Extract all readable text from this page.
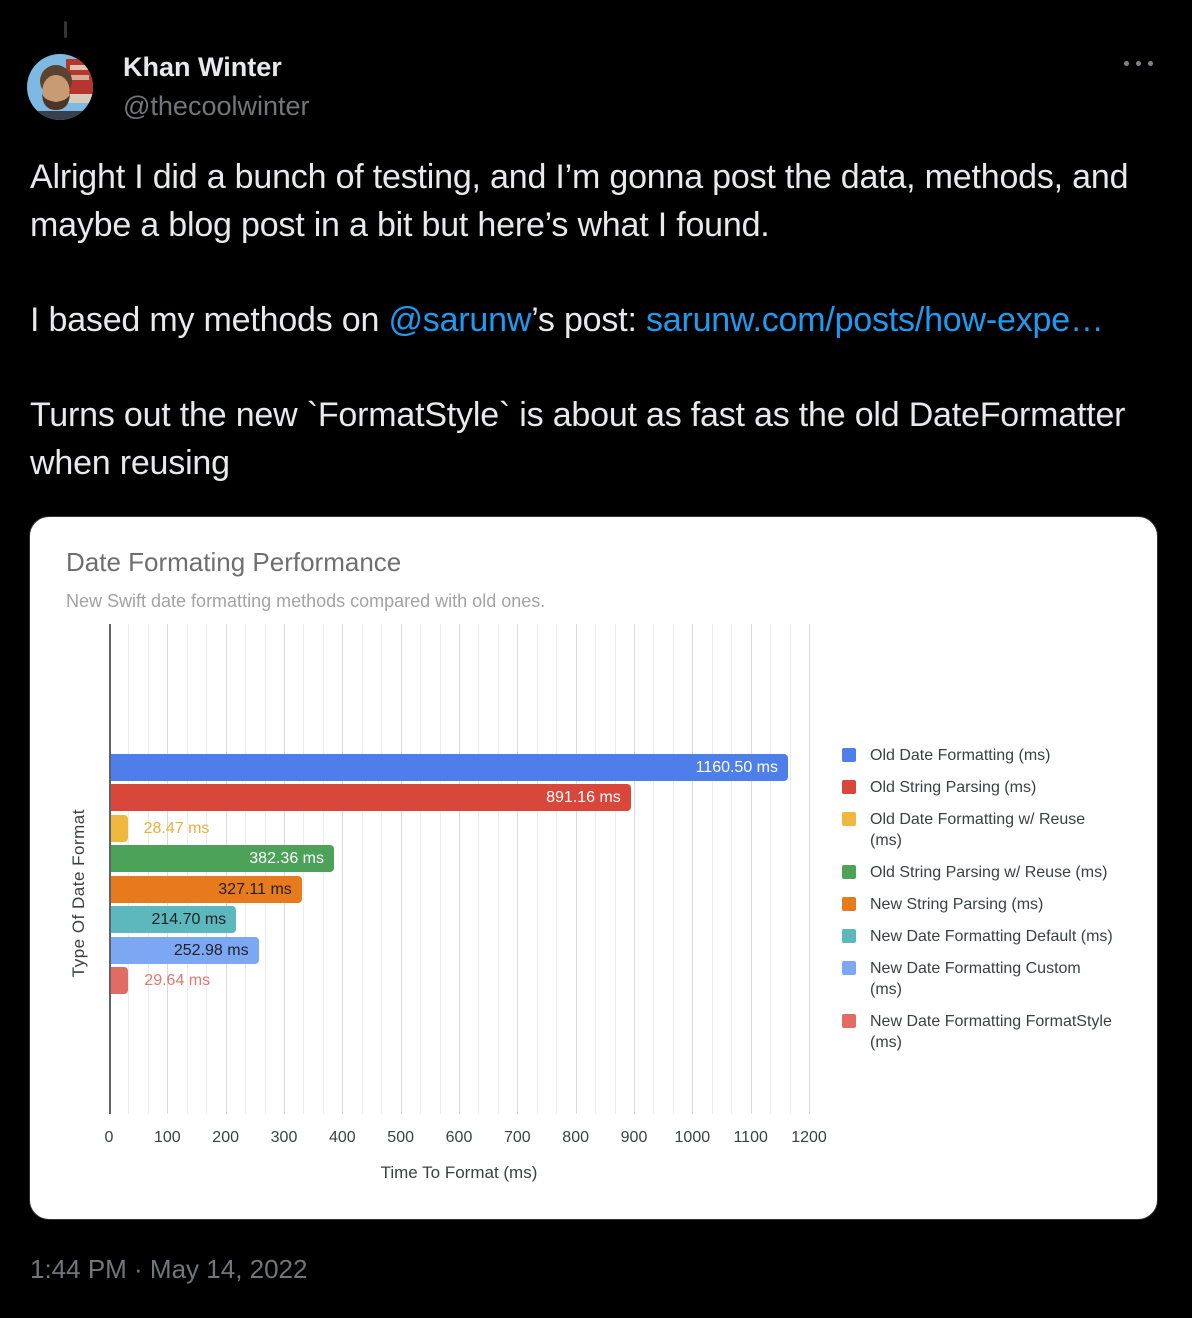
Khan Winter
@thecoolwinter

Alright I did a bunch of testing, and I’m gonna post the data, methods, and maybe a blog post in a bit but here’s what I found.

I based my methods on @sarunw’s post: sarunw.com/posts/how-expe…

Turns out the new `FormatStyle` is about as fast as the old DateFormatter when reusing

Date Formating Performance
New Swift date formatting methods compared with old ones.
0	100 200 300 400 500 600 700 800 900 1000 1100 1200
1160.50 ms
891.16 ms
28.47 ms
382.36 ms
327.11 ms
214.70 ms
252.98 ms
29.64 ms
Type Of Date Format
Time To Format (ms)
Old Date Formatting (ms)
Old String Parsing (ms)
Old Date Formatting w/ Reuse (ms)
Old String Parsing w/ Reuse (ms)
New String Parsing (ms)
New Date Formatting Default (ms)
New Date Formatting Custom (ms)
New Date Formatting FormatStyle (ms)
1:44 PM · May 14, 2022
